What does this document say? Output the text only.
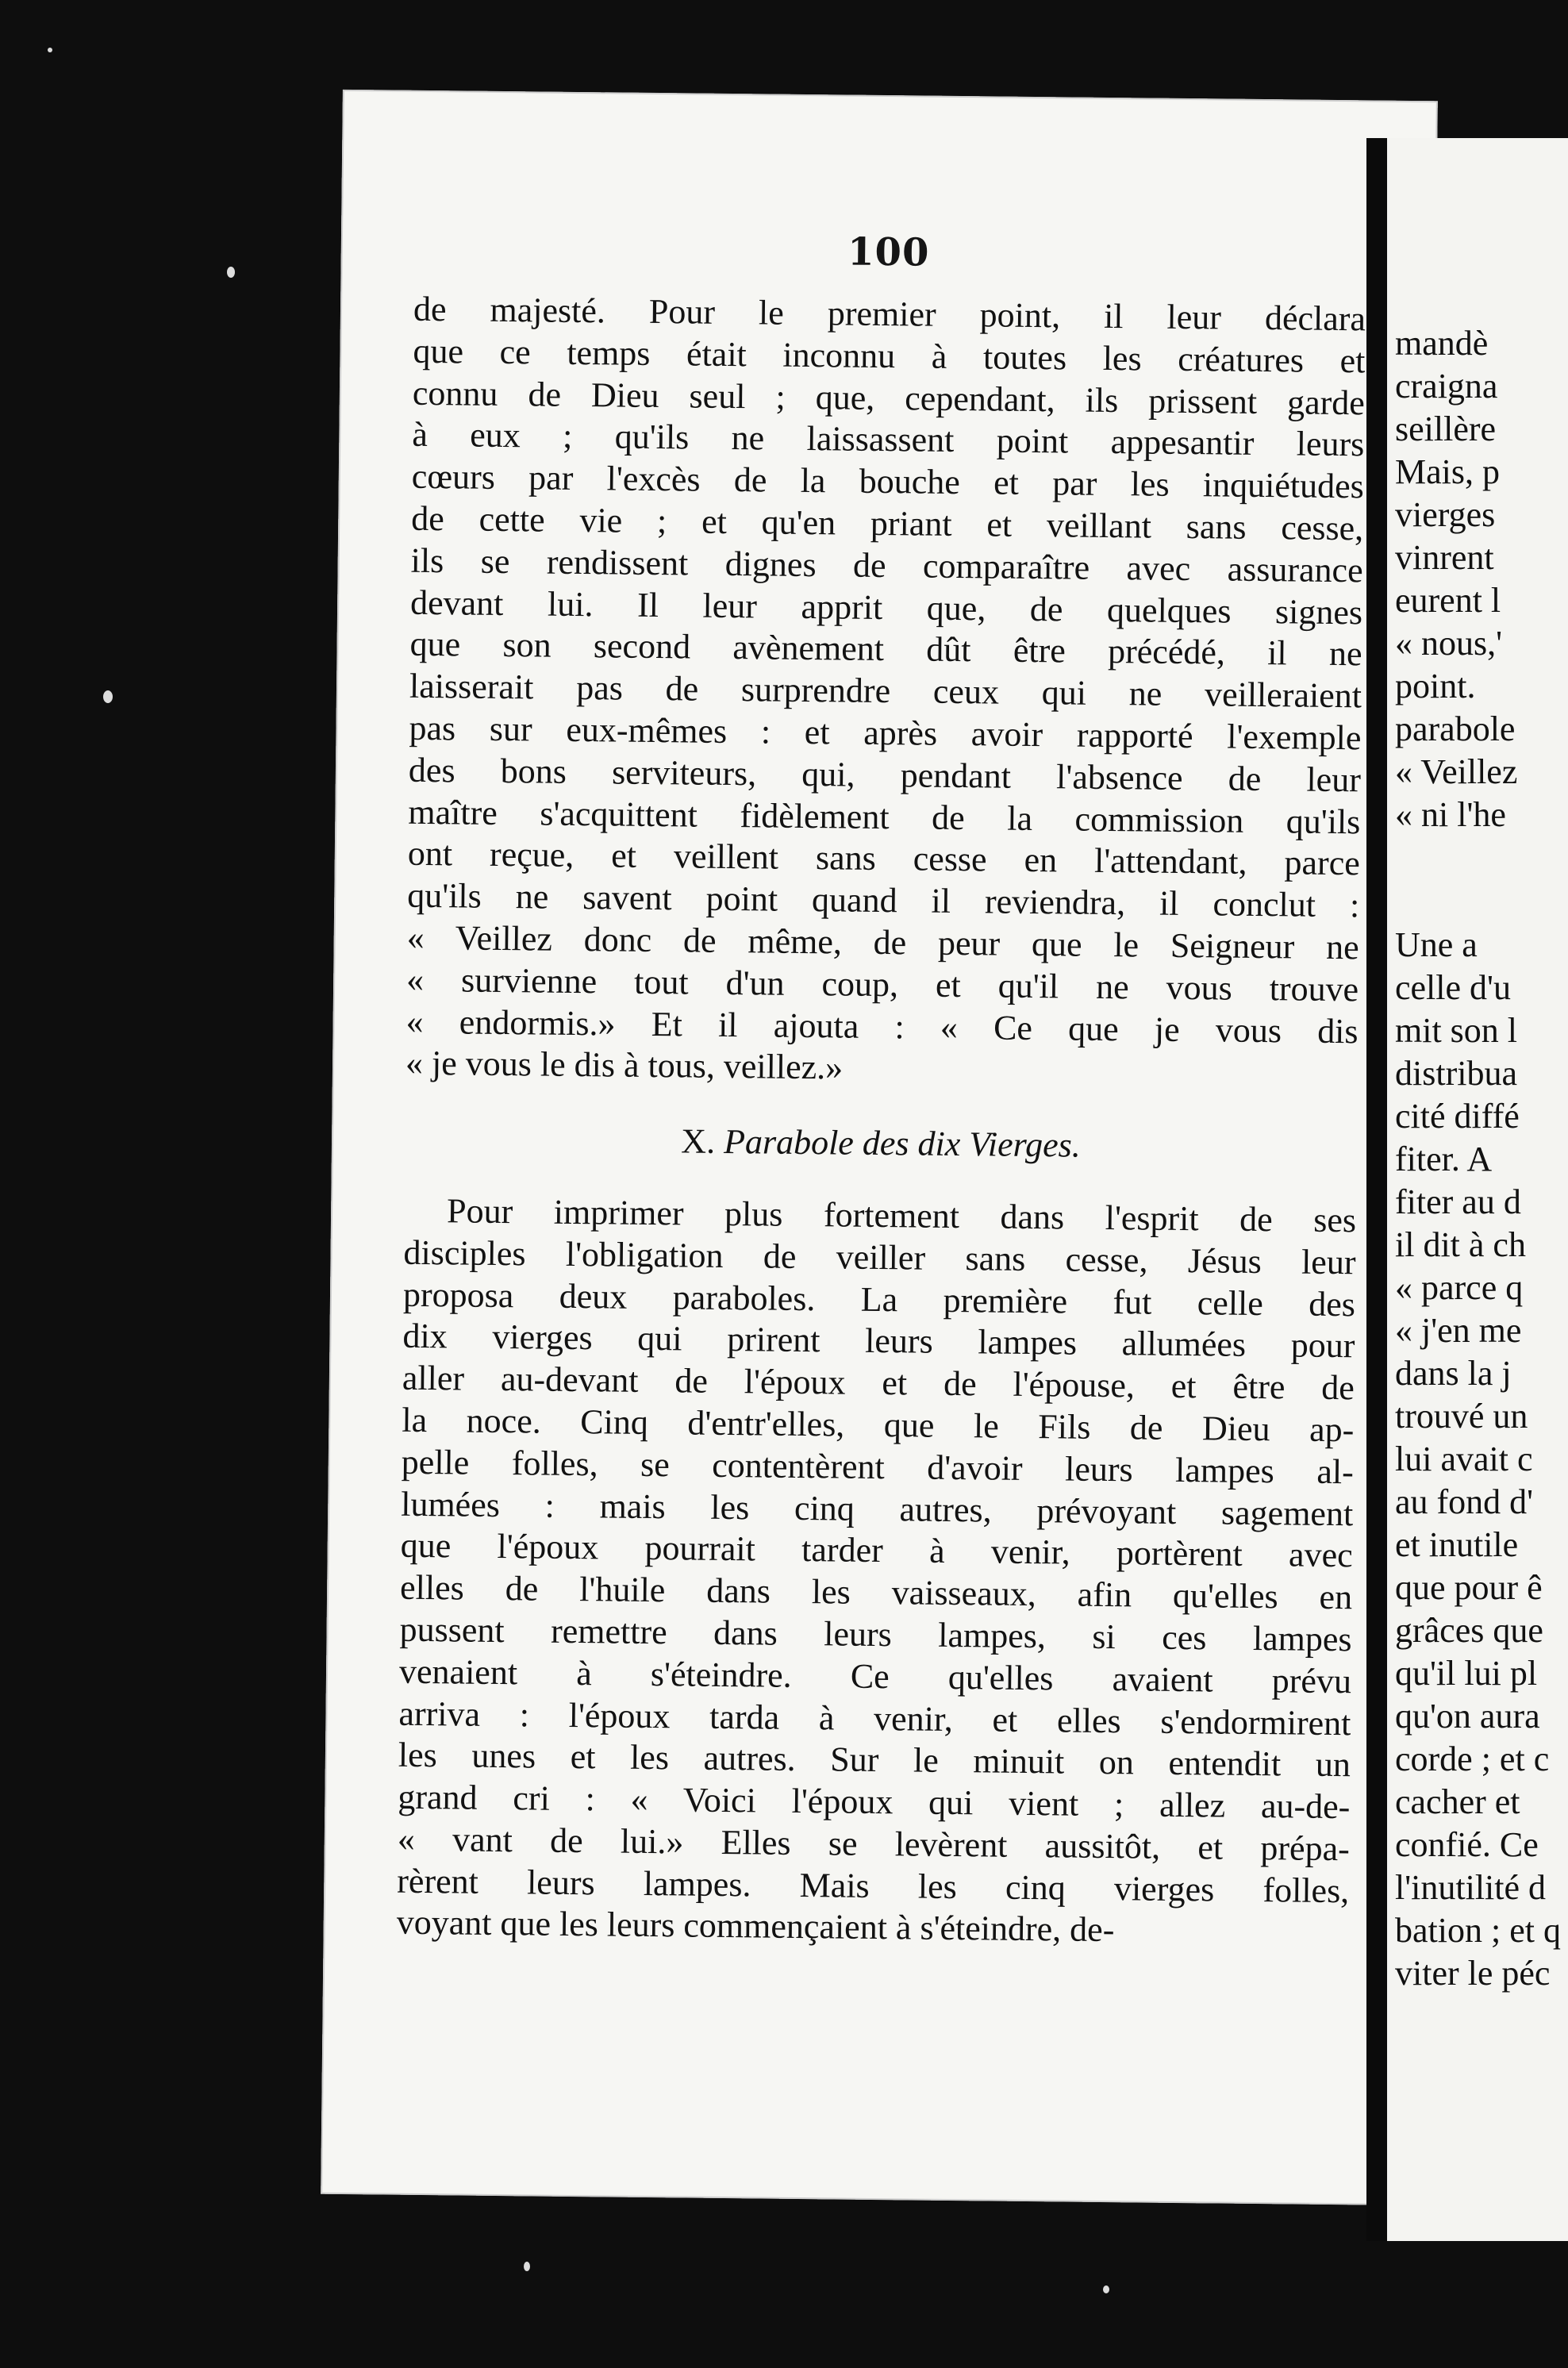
100
de majesté. Pour le premier point, il leur déclara
que ce temps était inconnu à toutes les créatures et
connu de Dieu seul ; que, cependant, ils prissent garde
à eux ; qu'ils ne laissassent point appesantir leurs
cœurs par l'excès de la bouche et par les inquiétudes
de cette vie ; et qu'en priant et veillant sans cesse,
ils se rendissent dignes de comparaître avec assurance
devant lui. Il leur apprit que, de quelques signes
que son second avènement dût être précédé, il ne
laisserait pas de surprendre ceux qui ne veilleraient
pas sur eux-mêmes : et après avoir rapporté l'exemple
des bons serviteurs, qui, pendant l'absence de leur
maître s'acquittent fidèlement de la commission qu'ils
ont reçue, et veillent sans cesse en l'attendant, parce
qu'ils ne savent point quand il reviendra, il conclut :
« Veillez donc de même, de peur que le Seigneur ne
« survienne tout d'un coup, et qu'il ne vous trouve
« endormis.» Et il ajouta : « Ce que je vous dis
« je vous le dis à tous, veillez.»
X. Parabole des dix Vierges.
Pour imprimer plus fortement dans l'esprit de ses
disciples l'obligation de veiller sans cesse, Jésus leur
proposa deux paraboles. La première fut celle des
dix vierges qui prirent leurs lampes allumées pour
aller au-devant de l'époux et de l'épouse, et être de
la noce. Cinq d'entr'elles, que le Fils de Dieu ap-
pelle folles, se contentèrent d'avoir leurs lampes al-
lumées : mais les cinq autres, prévoyant sagement
que l'époux pourrait tarder à venir, portèrent avec
elles de l'huile dans les vaisseaux, afin qu'elles en
pussent remettre dans leurs lampes, si ces lampes
venaient à s'éteindre. Ce qu'elles avaient prévu
arriva : l'époux tarda à venir, et elles s'endormirent
les unes et les autres. Sur le minuit on entendit un
grand cri : « Voici l'époux qui vient ; allez au-de-
« vant de lui.» Elles se levèrent aussitôt, et prépa-
rèrent leurs lampes. Mais les cinq vierges folles,
voyant que les leurs commençaient à s'éteindre, de-
mandè
craigna
seillère
Mais, p
vierges
vinrent
eurent l
« nous,'
point.
parabole
« Veillez
« ni l'he
Une a
celle d'u
mit son l
distribua
cité diffé
fiter. A
fiter au d
il dit à ch
« parce q
« j'en me
dans la j
trouvé un
lui avait c
au fond d'
et inutile
que pour ê
grâces que
qu'il lui pl
qu'on aura
corde ; et c
cacher et
confié. Ce
l'inutilité d
bation ; et q
viter le péc
